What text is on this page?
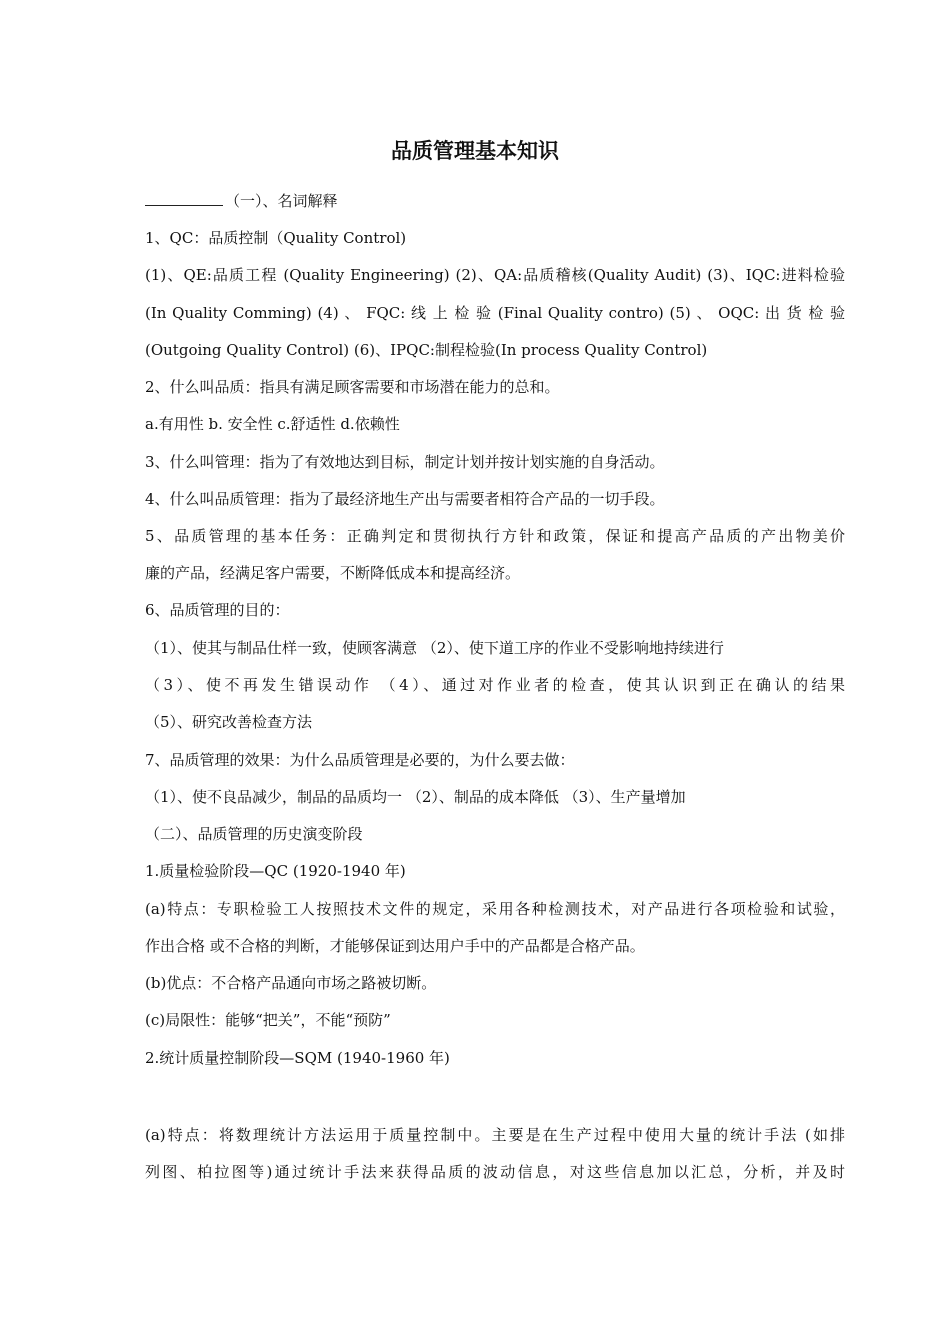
品质管理基本知识
（一）、名词解释
1、QC：品质控制（Quality Control)
(1)、QE:品质工程 (Quality Engineering) (2)、QA:品质稽核(Quality Audit) (3)、IQC:进料检验
(In Quality Comming) (4) 、 FQC: 线 上 检 验 (Final Quality contro) (5) 、 OQC: 出 货 检 验
(Outgoing Quality Control) (6)、IPQC:制程检验(In process Quality Control)
2、什么叫品质：指具有满足顾客需要和市场潜在能力的总和。
a.有用性 b. 安全性 c.舒适性 d.依赖性
3、什么叫管理：指为了有效地达到目标，制定计划并按计划实施的自身活动。
4、什么叫品质管理：指为了最经济地生产出与需要者相符合产品的一切手段。
5、品质管理的基本任务：正确判定和贯彻执行方针和政策，保证和提高产品质的产出物美价
廉的产品，经满足客户需要，不断降低成本和提高经济。
6、品质管理的目的：
（1）、使其与制品仕样一致，使顾客满意 （2）、使下道工序的作业不受影响地持续进行
（3）、使不再发生错误动作 （4）、通过对作业者的检查，使其认识到正在确认的结果
（5）、研究改善检查方法
7、品质管理的效果：为什么品质管理是必要的，为什么要去做：
（1）、使不良品减少，制品的品质均一 （2）、制品的成本降低 （3）、生产量增加
（二）、品质管理的历史演变阶段
1.质量检验阶段—QC (1920-1940 年)
(a)特点：专职检验工人按照技术文件的规定，采用各种检测技术，对产品进行各项检验和试验，
作出合格 或不合格的判断，才能够保证到达用户手中的产品都是合格产品。
(b)优点：不合格产品通向市场之路被切断。
(c)局限性：能够“把关”，不能“预防”
2.统计质量控制阶段—SQM (1940-1960 年)
(a)特点：将数理统计方法运用于质量控制中。主要是在生产过程中使用大量的统计手法 (如排
列图、柏拉图等)通过统计手法来获得品质的波动信息，对这些信息加以汇总，分析，并及时
